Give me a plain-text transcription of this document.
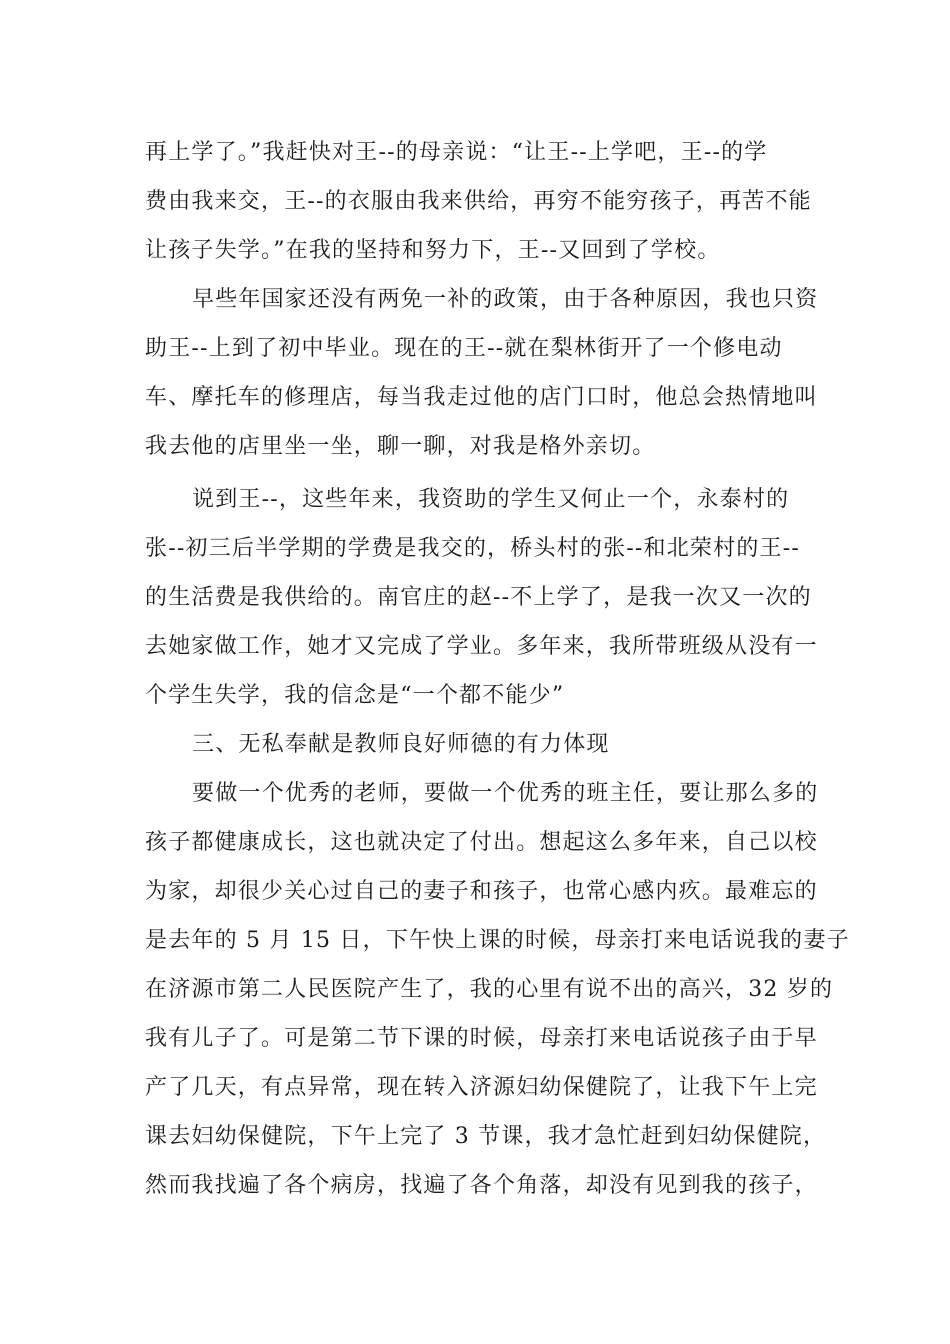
再上学了。”我赶快对王--的母亲说：“让王--上学吧，王--的学
费由我来交，王--的衣服由我来供给，再穷不能穷孩子，再苦不能
让孩子失学。”在我的坚持和努力下，王--又回到了学校。
早些年国家还没有两免一补的政策，由于各种原因，我也只资
助王--上到了初中毕业。现在的王--就在梨林街开了一个修电动
车、摩托车的修理店，每当我走过他的店门口时，他总会热情地叫
我去他的店里坐一坐，聊一聊，对我是格外亲切。
说到王--，这些年来，我资助的学生又何止一个，永泰村的
张--初三后半学期的学费是我交的，桥头村的张--和北荣村的王--
的生活费是我供给的。南官庄的赵--不上学了，是我一次又一次的
去她家做工作，她才又完成了学业。多年来，我所带班级从没有一
个学生失学，我的信念是“一个都不能少”
三、无私奉献是教师良好师德的有力体现
要做一个优秀的老师，要做一个优秀的班主任，要让那么多的
孩子都健康成长，这也就决定了付出。想起这么多年来，自己以校
为家，却很少关心过自己的妻子和孩子，也常心感内疚。最难忘的
是去年的 5 月 15 日，下午快上课的时候，母亲打来电话说我的妻子
在济源市第二人民医院产生了，我的心里有说不出的高兴，32 岁的
我有儿子了。可是第二节下课的时候，母亲打来电话说孩子由于早
产了几天，有点异常，现在转入济源妇幼保健院了，让我下午上完
课去妇幼保健院，下午上完了 3 节课，我才急忙赶到妇幼保健院，
然而我找遍了各个病房，找遍了各个角落，却没有见到我的孩子，
